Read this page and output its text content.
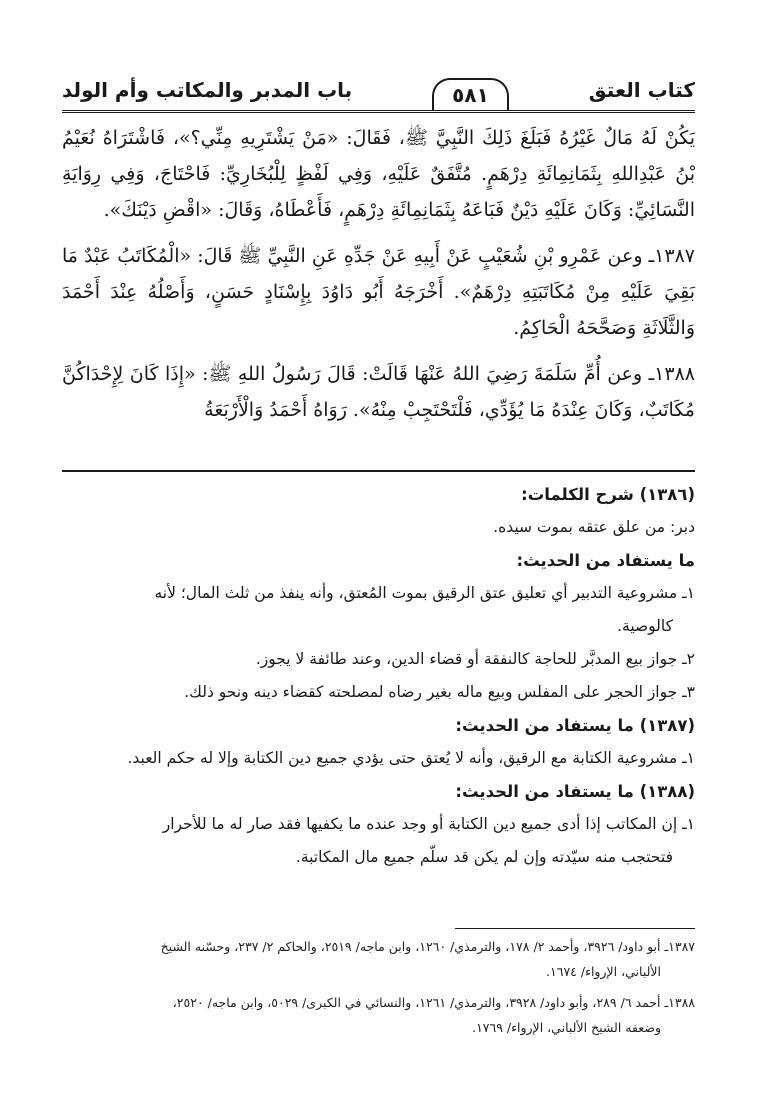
كتاب العتق
٥٨١
باب المدبر والمكاتب وأم الولد

يَكُنْ لَهُ مَالٌ غَيْرُهُ فَبَلَغَ ذَلِكَ النَّبِيَّ ﷺ، فَقَالَ: «مَنْ يَشْتَرِيهِ مِنِّي؟»، فَاشْتَرَاهُ نُعَيْمُ بْنُ عَبْدِاللهِ بِثَمَانِمِائَةِ دِرْهَمٍ. مُتَّفَقٌ عَلَيْهِ، وَفِي لَفْظٍ لِلْبُخَارِيِّ: فَاحْتَاجَ، وَفِي رِوَايَةِ النَّسَائِيِّ: وَكَانَ عَلَيْهِ دَيْنٌ فَبَاعَهُ بِثَمَانِمِائَةِ دِرْهَمٍ، فَأَعْطَاهُ، وَقَالَ: «اقْضِ دَيْنَكَ».

١٣٨٧ـ وعن عَمْرِو بْنِ شُعَيْبٍ عَنْ أَبِيهِ عَنْ جَدِّهِ عَنِ النَّبِيِّ ﷺ قَالَ: «الْمُكَاتَبُ عَبْدٌ مَا بَقِيَ عَلَيْهِ مِنْ مُكَاتَبَتِهِ دِرْهَمٌ». أَخْرَجَهُ أَبُو دَاوُدَ بِإِسْنَادٍ حَسَنٍ، وَأَصْلُهُ عِنْدَ أَحْمَدَ وَالثَّلَاثَةِ وَصَحَّحَهُ الْحَاكِمُ.

١٣٨٨ـ وعن أُمِّ سَلَمَةَ رَضِيَ اللهُ عَنْهَا قَالَتْ: قَالَ رَسُولُ اللهِ ﷺ: «إِذَا كَانَ لِإِحْدَاكُنَّ مُكَاتَبٌ، وَكَانَ عِنْدَهُ مَا يُؤَدِّي، فَلْتَحْتَجِبْ مِنْهُ». رَوَاهُ أَحْمَدُ وَالْأَرْبَعَةُ

(١٣٨٦) شرح الكلمات:
دبر: من علق عتقه بموت سيده.
ما يستفاد من الحديث:
١ـ مشروعية التدبير أي تعليق عتق الرقيق بموت المُعتق، وأنه ينفذ من ثلث المال؛ لأنه
كالوصية.
٢ـ جواز بيع المدبَّر للحاجة كالنفقة أو قضاء الدين، وعند طائفة لا يجوز.
٣ـ جواز الحجر على المفلس وبيع ماله بغير رضاه لمصلحته كقضاء دينه ونحو ذلك.
(١٣٨٧) ما يستفاد من الحديث:
١ـ مشروعية الكتابة مع الرقيق، وأنه لا يُعتق حتى يؤدي جميع دين الكتابة وإلا له حكم العبد.
(١٣٨٨) ما يستفاد من الحديث:
١ـ إن المكاتب إذا أدى جميع دين الكتابة أو وجد عنده ما يكفيها فقد صار له ما للأحرار
فتحتجب منه سيّدته وإن لم يكن قد سلّم جميع مال المكاتبة.
١٣٨٧ـ أبو داود/ ٣٩٢٦، وأحمد ٢/ ١٧٨، والترمذي/ ١٢٦٠، وابن ماجه/ ٢٥١٩، والحاكم ٢/ ٢٣٧، وحسّنه الشيخ
الألباني، الإرواء/ ١٦٧٤.
١٣٨٨ـ أحمد ٦/ ٢٨٩، وأبو داود/ ٣٩٢٨، والترمذي/ ١٢٦١، والنسائي في الكبرى/ ٥٠٢٩، وابن ماجه/ ٢٥٢٠،
وضعفه الشيخ الألباني، الإرواء/ ١٧٦٩.
